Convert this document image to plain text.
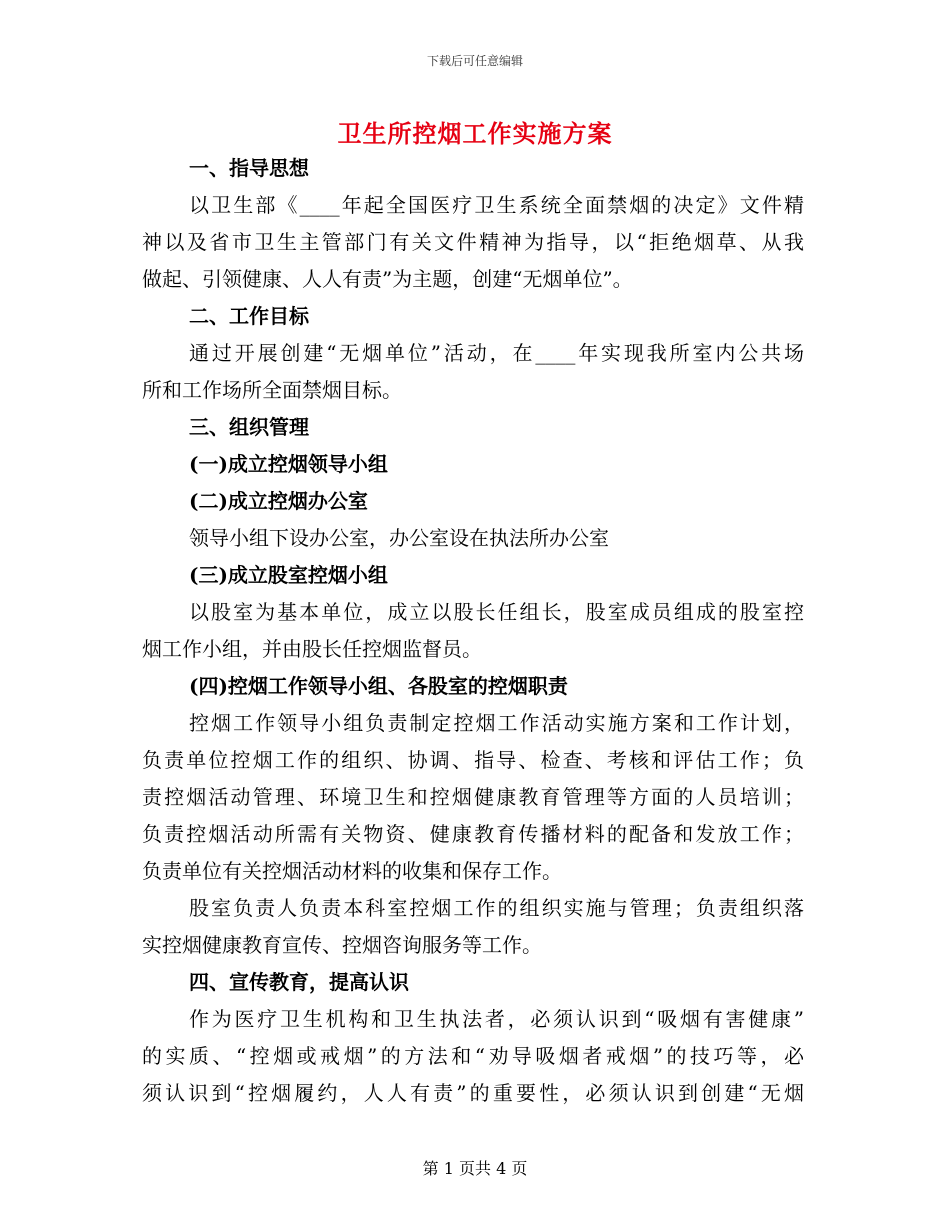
下载后可任意编辑
卫生所控烟工作实施方案
一、指导思想
以卫生部《____年起全国医疗卫生系统全面禁烟的决定》文件精
神以及省市卫生主管部门有关文件精神为指导，以“拒绝烟草、从我
做起、引领健康、人人有责”为主题，创建“无烟单位”。
二、工作目标
通过开展创建“无烟单位”活动，在____年实现我所室内公共场
所和工作场所全面禁烟目标。
三、组织管理
(一)成立控烟领导小组
(二)成立控烟办公室
领导小组下设办公室，办公室设在执法所办公室
(三)成立股室控烟小组
以股室为基本单位，成立以股长任组长，股室成员组成的股室控
烟工作小组，并由股长任控烟监督员。
(四)控烟工作领导小组、各股室的控烟职责
控烟工作领导小组负责制定控烟工作活动实施方案和工作计划，
负责单位控烟工作的组织、协调、指导、检查、考核和评估工作；负
责控烟活动管理、环境卫生和控烟健康教育管理等方面的人员培训；
负责控烟活动所需有关物资、健康教育传播材料的配备和发放工作；
负责单位有关控烟活动材料的收集和保存工作。
股室负责人负责本科室控烟工作的组织实施与管理；负责组织落
实控烟健康教育宣传、控烟咨询服务等工作。
四、宣传教育，提高认识
作为医疗卫生机构和卫生执法者，必须认识到“吸烟有害健康”
的实质、“控烟或戒烟”的方法和“劝导吸烟者戒烟”的技巧等，必
须认识到“控烟履约，人人有责”的重要性，必须认识到创建“无烟
第 1 页共 4 页
